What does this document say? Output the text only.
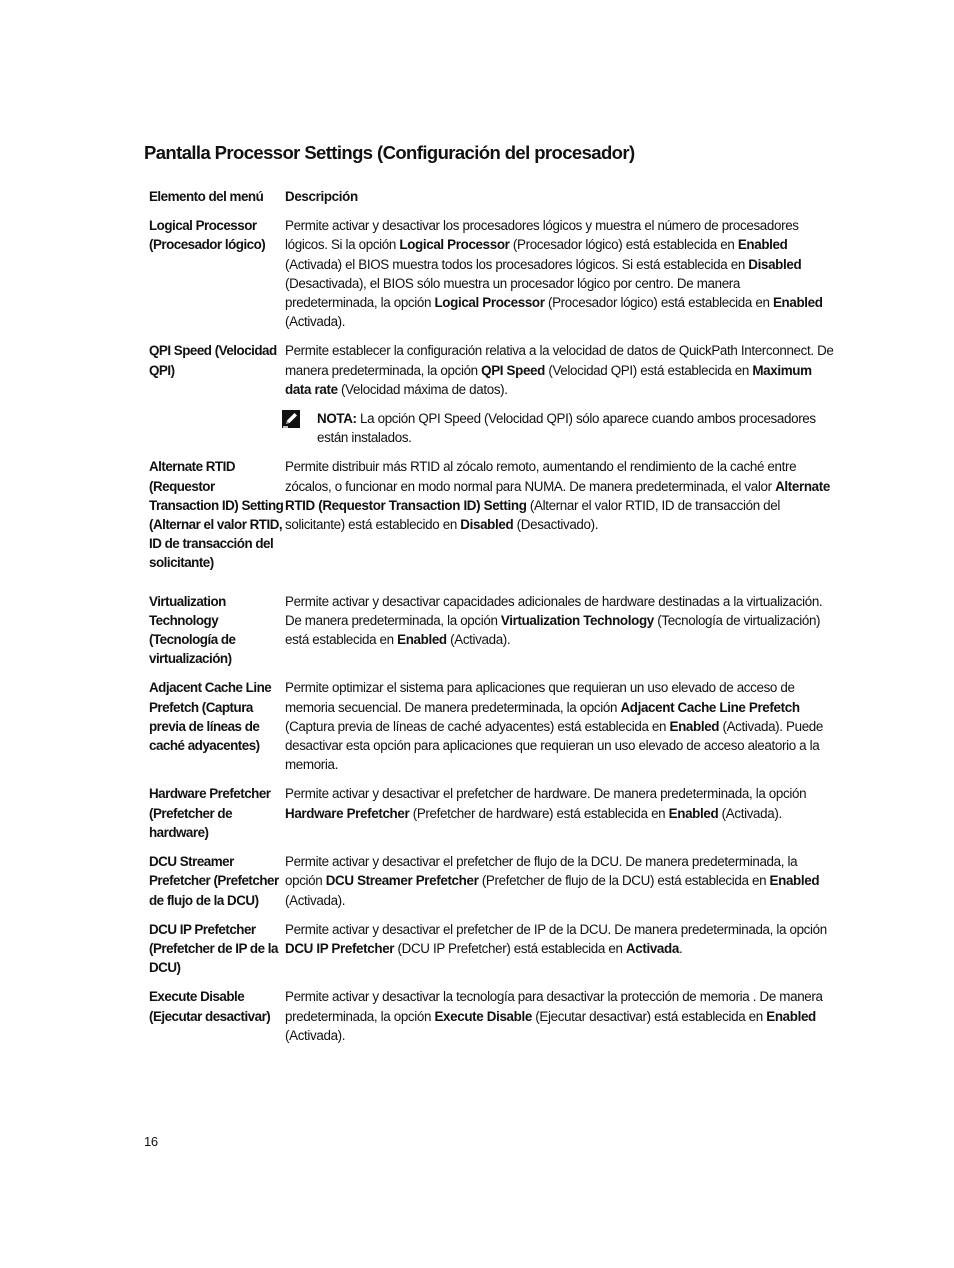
Pantalla Processor Settings (Configuración del procesador)
Elemento del menú	Descripción
Logical Processor (Procesador lógico)
Permite activar y desactivar los procesadores lógicos y muestra el número de procesadores lógicos. Si la opción Logical Processor (Procesador lógico) está establecida en Enabled (Activada) el BIOS muestra todos los procesadores lógicos. Si está establecida en Disabled (Desactivada), el BIOS sólo muestra un procesador lógico por centro. De manera predeterminada, la opción Logical Processor (Procesador lógico) está establecida en Enabled (Activada).
QPI Speed (Velocidad QPI)
Permite establecer la configuración relativa a la velocidad de datos de QuickPath Interconnect. De manera predeterminada, la opción QPI Speed (Velocidad QPI) está establecida en Maximum data rate (Velocidad máxima de datos).
NOTA: La opción QPI Speed (Velocidad QPI) sólo aparece cuando ambos procesadores están instalados.
Alternate RTID (Requestor Transaction ID) Setting (Alternar el valor RTID, ID de transacción del solicitante)
Permite distribuir más RTID al zócalo remoto, aumentando el rendimiento de la caché entre zócalos, o funcionar en modo normal para NUMA. De manera predeterminada, el valor Alternate RTID (Requestor Transaction ID) Setting (Alternar el valor RTID, ID de transacción del solicitante) está establecido en Disabled (Desactivado).
Virtualization Technology (Tecnología de virtualización)
Permite activar y desactivar capacidades adicionales de hardware destinadas a la virtualización. De manera predeterminada, la opción Virtualization Technology (Tecnología de virtualización) está establecida en Enabled (Activada).
Adjacent Cache Line Prefetch (Captura previa de líneas de caché adyacentes)
Permite optimizar el sistema para aplicaciones que requieran un uso elevado de acceso de memoria secuencial. De manera predeterminada, la opción Adjacent Cache Line Prefetch (Captura previa de líneas de caché adyacentes) está establecida en Enabled (Activada). Puede desactivar esta opción para aplicaciones que requieran un uso elevado de acceso aleatorio a la memoria.
Hardware Prefetcher (Prefetcher de hardware)
Permite activar y desactivar el prefetcher de hardware. De manera predeterminada, la opción Hardware Prefetcher (Prefetcher de hardware) está establecida en Enabled (Activada).
DCU Streamer Prefetcher (Prefetcher de flujo de la DCU)
Permite activar y desactivar el prefetcher de flujo de la DCU. De manera predeterminada, la opción DCU Streamer Prefetcher (Prefetcher de flujo de la DCU) está establecida en Enabled (Activada).
DCU IP Prefetcher (Prefetcher de IP de la DCU)
Permite activar y desactivar el prefetcher de IP de la DCU. De manera predeterminada, la opción DCU IP Prefetcher (DCU IP Prefetcher) está establecida en Activada.
Execute Disable (Ejecutar desactivar)
Permite activar y desactivar la tecnología para desactivar la protección de memoria . De manera predeterminada, la opción Execute Disable (Ejecutar desactivar) está establecida en Enabled (Activada).
16
